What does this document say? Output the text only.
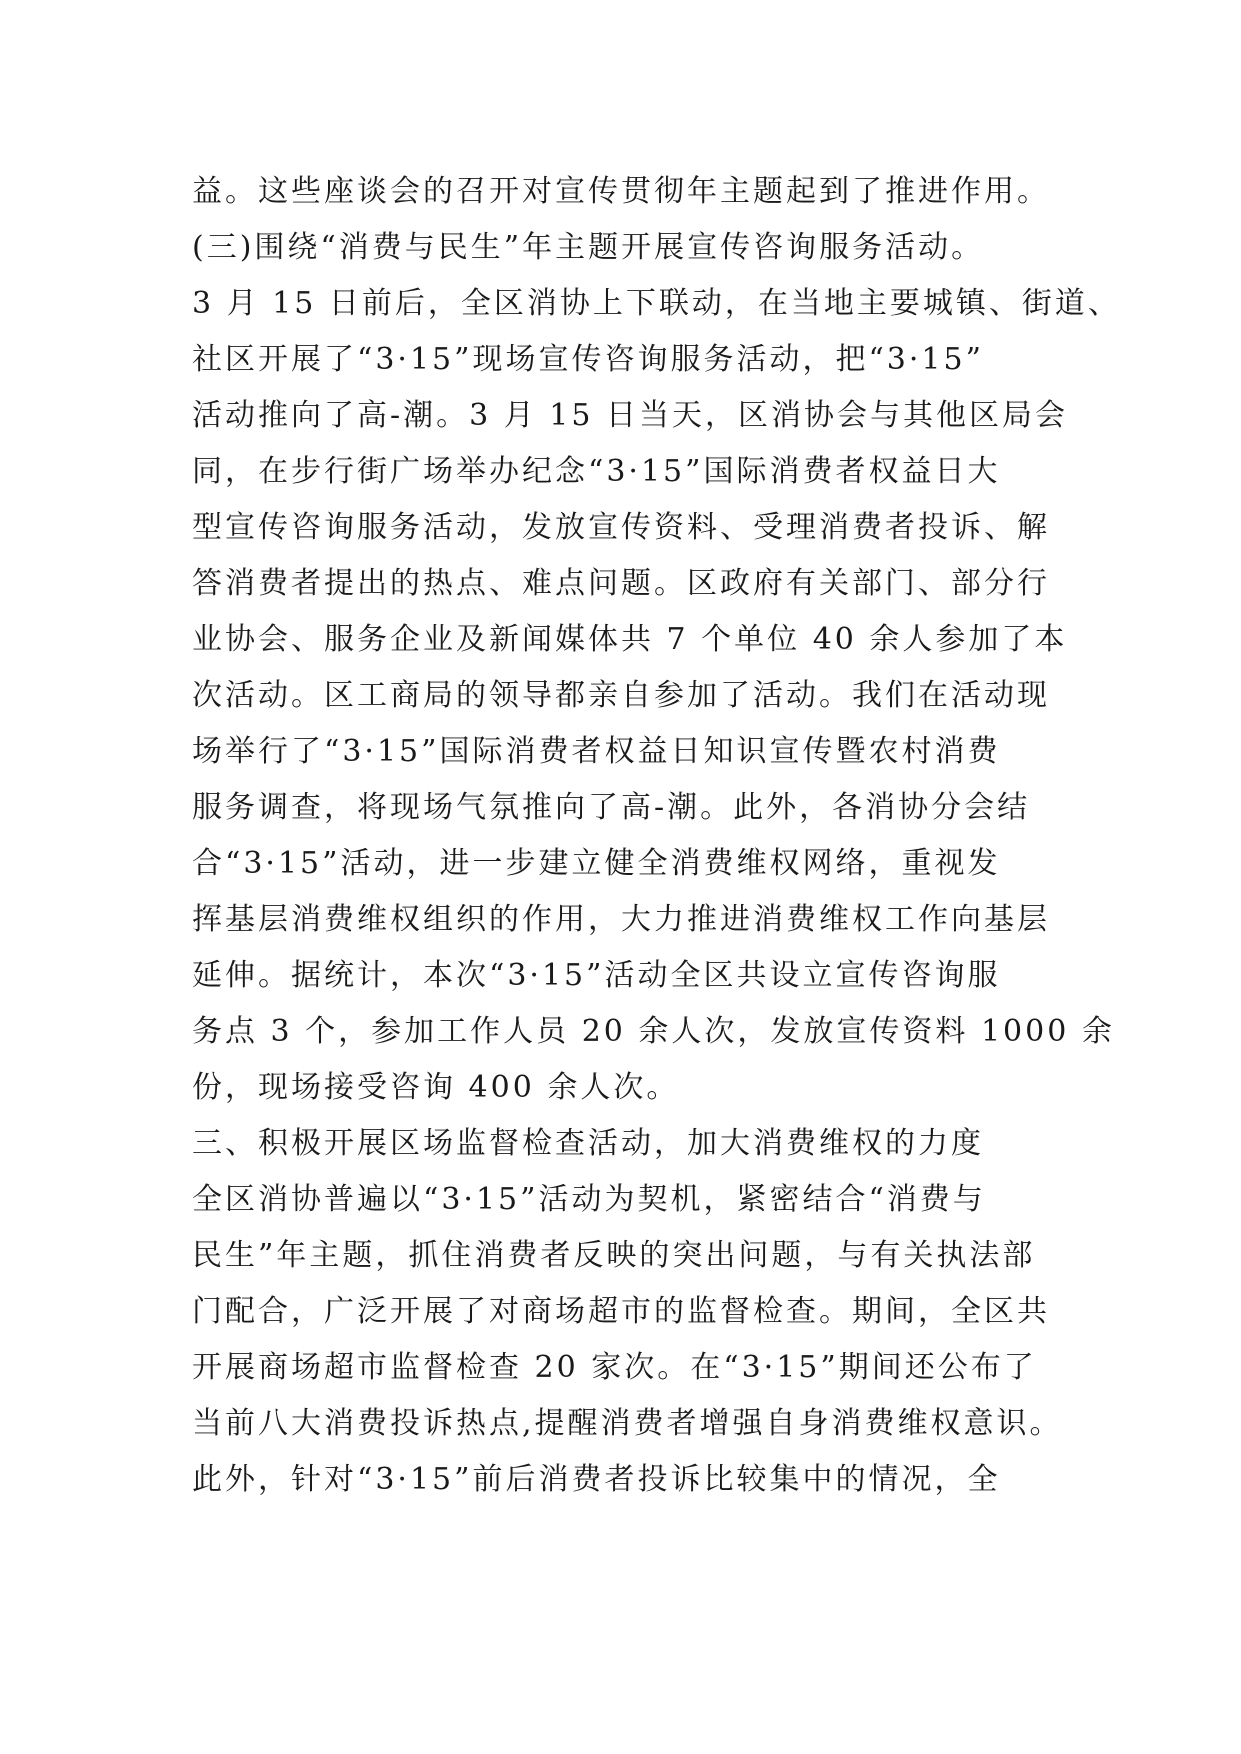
益。这些座谈会的召开对宣传贯彻年主题起到了推进作用。
(三)围绕“消费与民生”年主题开展宣传咨询服务活动。
3 月 15 日前后，全区消协上下联动，在当地主要城镇、街道、
社区开展了“3·15”现场宣传咨询服务活动，把“3·15”
活动推向了高-潮。3 月 15 日当天，区消协会与其他区局会
同，在步行街广场举办纪念“3·15”国际消费者权益日大
型宣传咨询服务活动，发放宣传资料、受理消费者投诉、解
答消费者提出的热点、难点问题。区政府有关部门、部分行
业协会、服务企业及新闻媒体共 7 个单位 40 余人参加了本
次活动。区工商局的领导都亲自参加了活动。我们在活动现
场举行了“3·15”国际消费者权益日知识宣传暨农村消费
服务调查，将现场气氛推向了高-潮。此外，各消协分会结
合“3·15”活动，进一步建立健全消费维权网络，重视发
挥基层消费维权组织的作用，大力推进消费维权工作向基层
延伸。据统计，本次“3·15”活动全区共设立宣传咨询服
务点 3 个，参加工作人员 20 余人次，发放宣传资料 1000 余
份，现场接受咨询 400 余人次。
三、积极开展区场监督检查活动，加大消费维权的力度
全区消协普遍以“3·15”活动为契机，紧密结合“消费与
民生”年主题，抓住消费者反映的突出问题，与有关执法部
门配合，广泛开展了对商场超市的监督检查。期间，全区共
开展商场超市监督检查 20 家次。在“3·15”期间还公布了
当前八大消费投诉热点,提醒消费者增强自身消费维权意识。
此外，针对“3·15”前后消费者投诉比较集中的情况，全
